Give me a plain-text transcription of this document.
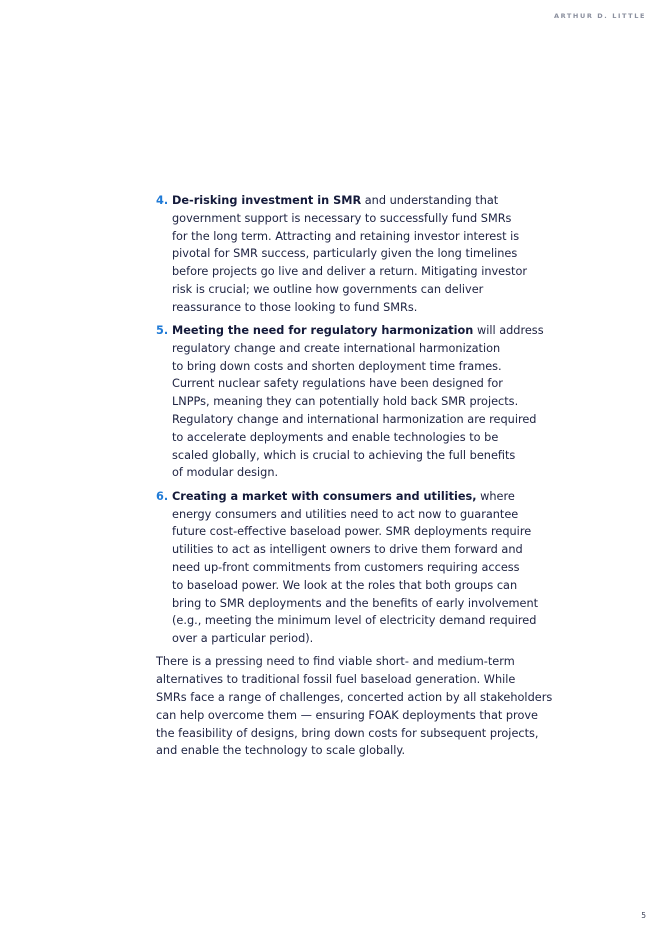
ARTHUR D. LITTLE
4. De-risking investment in SMR and understanding that
government support is necessary to successfully fund SMRs
for the long term. Attracting and retaining investor interest is
pivotal for SMR success, particularly given the long timelines
before projects go live and deliver a return. Mitigating investor
risk is crucial; we outline how governments can deliver
reassurance to those looking to fund SMRs.
5. Meeting the need for regulatory harmonization will address
regulatory change and create international harmonization
to bring down costs and shorten deployment time frames.
Current nuclear safety regulations have been designed for
LNPPs, meaning they can potentially hold back SMR projects.
Regulatory change and international harmonization are required
to accelerate deployments and enable technologies to be
scaled globally, which is crucial to achieving the full benefits
of modular design.
6. Creating a market with consumers and utilities, where
energy consumers and utilities need to act now to guarantee
future cost-effective baseload power. SMR deployments require
utilities to act as intelligent owners to drive them forward and
need up-front commitments from customers requiring access
to baseload power. We look at the roles that both groups can
bring to SMR deployments and the benefits of early involvement
(e.g., meeting the minimum level of electricity demand required
over a particular period).
There is a pressing need to find viable short- and medium-term
alternatives to traditional fossil fuel baseload generation. While
SMRs face a range of challenges, concerted action by all stakeholders
can help overcome them — ensuring FOAK deployments that prove
the feasibility of designs, bring down costs for subsequent projects,
and enable the technology to scale globally.
5
